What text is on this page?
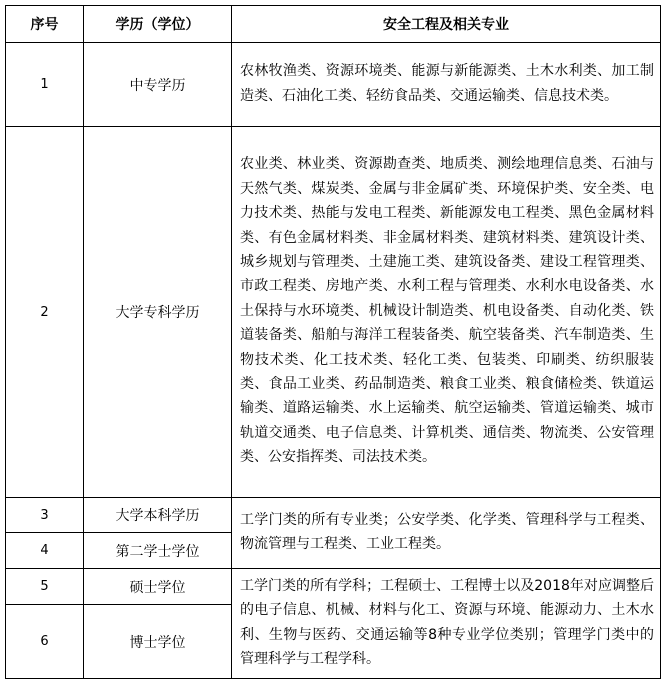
序号	学历（学位）	安全工程及相关专业
1	中专学历	农林牧渔类、资源环境类、能源与新能源类、土木水利类、加工制造类、石油化工类、轻纺食品类、交通运输类、信息技术类。
2	大学专科学历	农业类、林业类、资源勘查类、地质类、测绘地理信息类、石油与天然气类、煤炭类、金属与非金属矿类、环境保护类、安全类、电力技术类、热能与发电工程类、新能源发电工程类、黑色金属材料类、有色金属材料类、非金属材料类、建筑材料类、建筑设计类、城乡规划与管理类、土建施工类、建筑设备类、建设工程管理类、市政工程类、房地产类、水利工程与管理类、水利水电设备类、水土保持与水环境类、机械设计制造类、机电设备类、自动化类、铁道装备类、船舶与海洋工程装备类、航空装备类、汽车制造类、生物技术类、化工技术类、轻化工类、包装类、印刷类、纺织服装类、食品工业类、药品制造类、粮食工业类、粮食储检类、铁道运输类、道路运输类、水上运输类、航空运输类、管道运输类、城市轨道交通类、电子信息类、计算机类、通信类、物流类、公安管理类、公安指挥类、司法技术类。
3	大学本科学历	工学门类的所有专业类；公安学类、化学类、管理科学与工程类、物流管理与工程类、工业工程类。
4	第二学士学位	
5	硕士学位	工学门类的所有学科；工程硕士、工程博士以及2018年对应调整后的电子信息、机械、材料与化工、资源与环境、能源动力、土木水利、生物与医药、交通运输等8种专业学位类别；管理学门类中的管理科学与工程学科。
6	博士学位	
